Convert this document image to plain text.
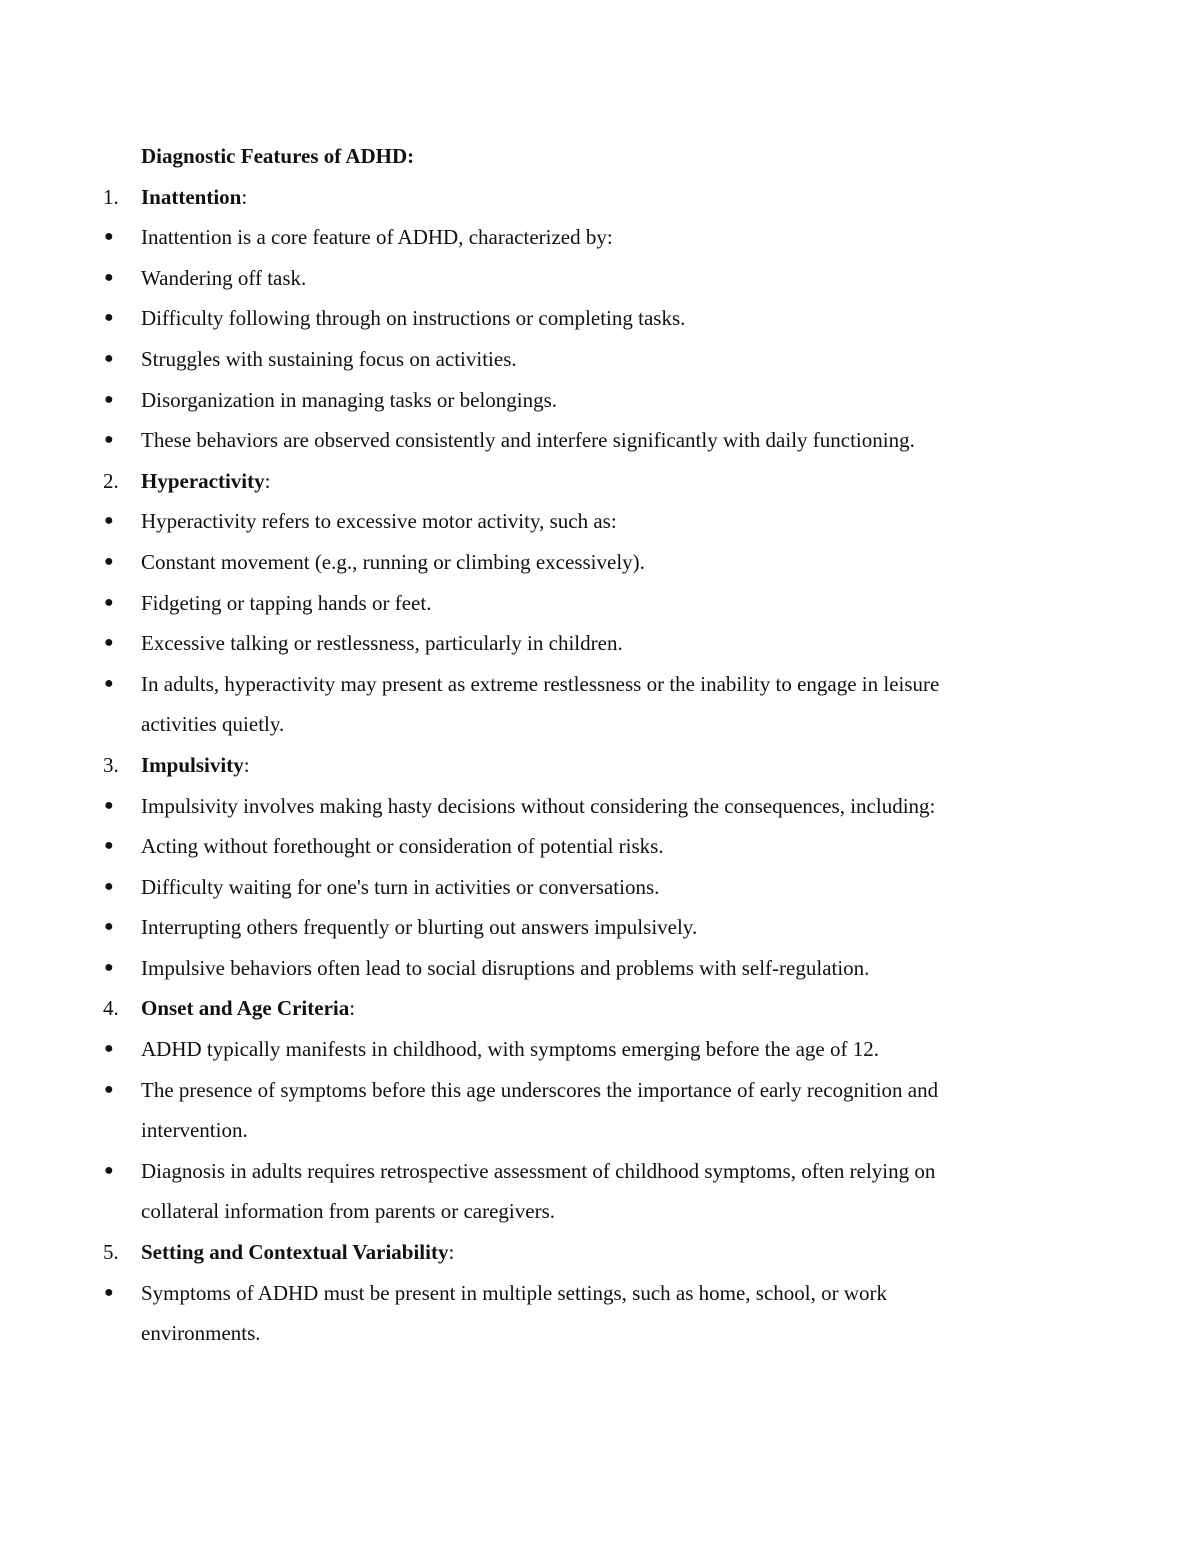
Diagnostic Features of ADHD:
1. Inattention:
● Inattention is a core feature of ADHD, characterized by:
● Wandering off task.
● Difficulty following through on instructions or completing tasks.
● Struggles with sustaining focus on activities.
● Disorganization in managing tasks or belongings.
● These behaviors are observed consistently and interfere significantly with daily functioning.
2. Hyperactivity:
● Hyperactivity refers to excessive motor activity, such as:
● Constant movement (e.g., running or climbing excessively).
● Fidgeting or tapping hands or feet.
● Excessive talking or restlessness, particularly in children.
● In adults, hyperactivity may present as extreme restlessness or the inability to engage in leisure
activities quietly.
3. Impulsivity:
● Impulsivity involves making hasty decisions without considering the consequences, including:
● Acting without forethought or consideration of potential risks.
● Difficulty waiting for one's turn in activities or conversations.
● Interrupting others frequently or blurting out answers impulsively.
● Impulsive behaviors often lead to social disruptions and problems with self-regulation.
4. Onset and Age Criteria:
● ADHD typically manifests in childhood, with symptoms emerging before the age of 12.
● The presence of symptoms before this age underscores the importance of early recognition and
intervention.
● Diagnosis in adults requires retrospective assessment of childhood symptoms, often relying on
collateral information from parents or caregivers.
5. Setting and Contextual Variability:
● Symptoms of ADHD must be present in multiple settings, such as home, school, or work
environments.
